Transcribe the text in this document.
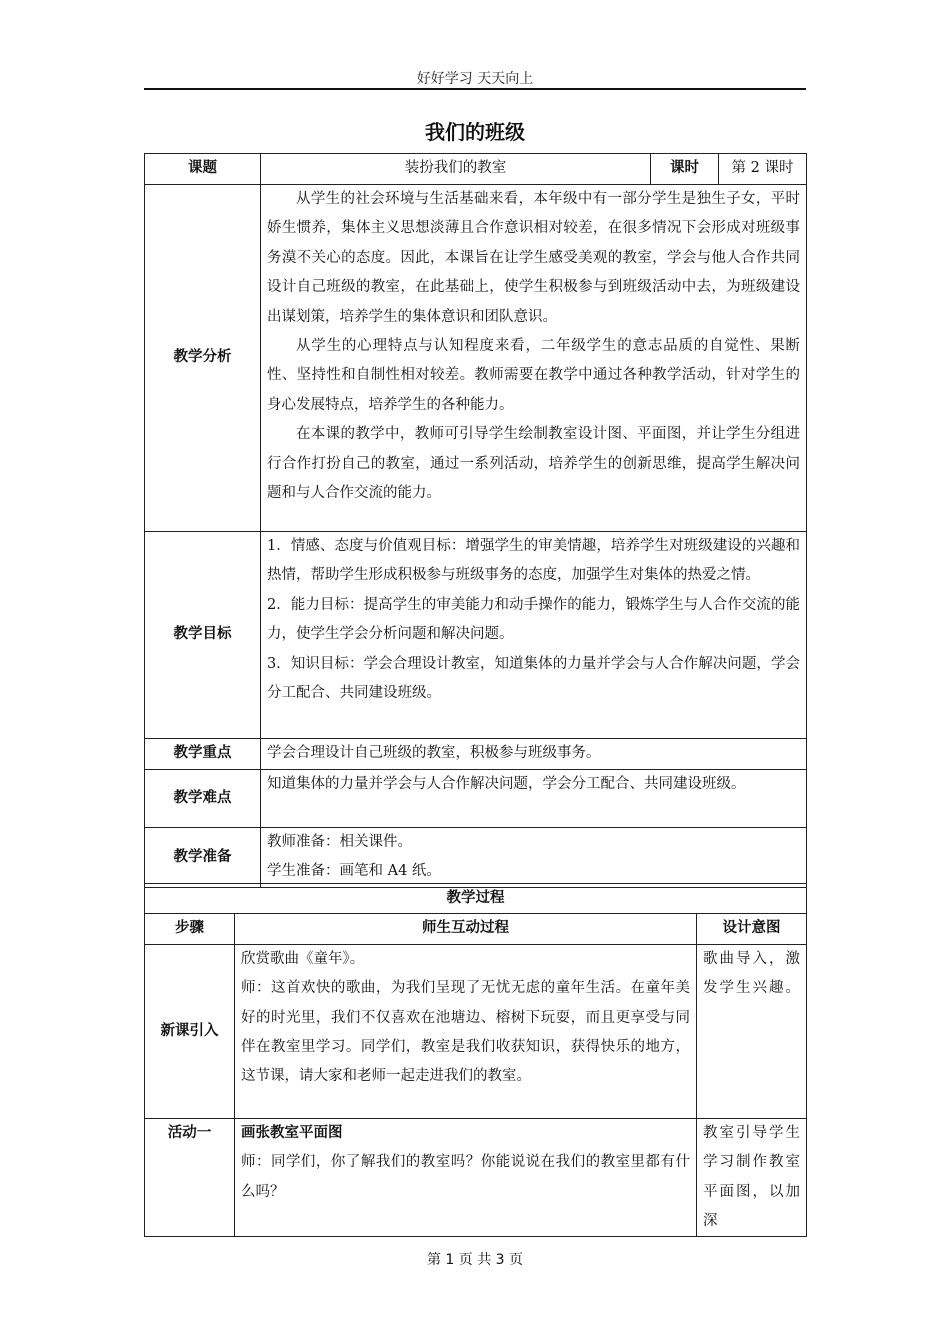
好好学习 天天向上
我们的班级
课题	装扮我们的教室	课时	第 2 课时
教学分析	从学生的社会环境与生活基础来看，本年级中有一部分学生是独生子女，平时娇生惯养，集体主义思想淡薄且合作意识相对较差，在很多情况下会形成对班级事务漠不关心的态度。因此，本课旨在让学生感受美观的教室，学会与他人合作共同设计自己班级的教室，在此基础上，使学生积极参与到班级活动中去，为班级建设出谋划策，培养学生的集体意识和团队意识。
从学生的心理特点与认知程度来看，二年级学生的意志品质的自觉性、果断性、坚持性和自制性相对较差。教师需要在教学中通过各种教学活动，针对学生的身心发展特点，培养学生的各种能力。
在本课的教学中，教师可引导学生绘制教室设计图、平面图，并让学生分组进行合作打扮自己的教室，通过一系列活动，培养学生的创新思维，提高学生解决问题和与人合作交流的能力。		

教学目标	1．情感、态度与价值观目标：增强学生的审美情趣，培养学生对班级建设的兴趣和热情，帮助学生形成积极参与班级事务的态度，加强学生对集体的热爱之情。
2．能力目标：提高学生的审美能力和动手操作的能力，锻炼学生与人合作交流的能力，使学生学会分析问题和解决问题。
3．知识目标：学会合理设计教室，知道集体的力量并学会与人合作解决问题，学会分工配合、共同建设班级。		

教学重点	学会合理设计自己班级的教室，积极参与班级事务。		
教学难点	知道集体的力量并学会与人合作解决问题，学会分工配合、共同建设班级。		
教学准备	教师准备：相关课件。
学生准备：画笔和 A4 纸。		
教学过程		
步骤	师生互动过程	设计意图
新课引入	欣赏歌曲《童年》。
师：这首欢快的歌曲，为我们呈现了无忧无虑的童年生活。在童年美好的时光里，我们不仅喜欢在池塘边、榕树下玩耍，而且更享受与同伴在教室里学习。同学们，教室是我们收获知识，获得快乐的地方，这节课，请大家和老师一起走进我们的教室。	歌曲导入，激发学生兴趣。
活动一	画张教室平面图
师：同学们，你了解我们的教室吗？你能说说在我们的教室里都有什么吗？	教室引导学生学习制作教室平面图，以加深
第 1 页 共 3 页
